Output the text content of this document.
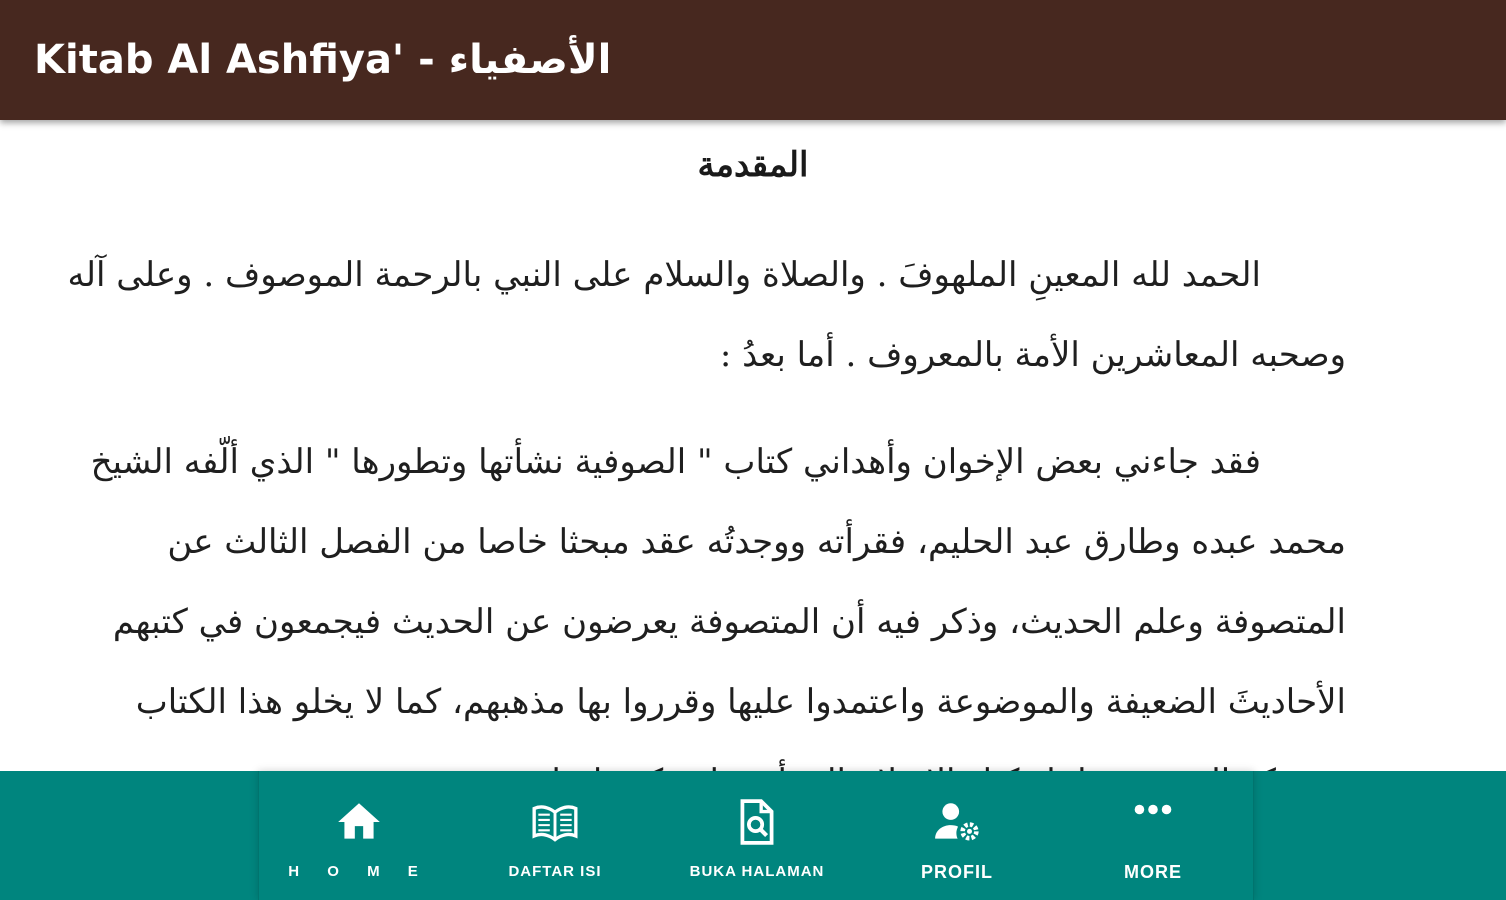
Kitab Al Ashfiya' - الأصفياء
المقدمة
الحمد لله المعينِ الملهوفَ . والصلاة والسلام على النبي بالرحمة الموصوف . وعلى آله
وصحبه المعاشرين الأمة بالمعروف . أما بعدُ :
فقد جاءني بعض الإخوان وأهداني كتاب " الصوفية نشأتها وتطورها " الذي ألّفه الشيخ
محمد عبده وطارق عبد الحليم، فقرأته ووجدتُه عقد مبحثا خاصا من الفصل الثالث عن
المتصوفة وعلم الحديث، وذكر فيه أن المتصوفة يعرضون عن الحديث فيجمعون في كتبهم
الأحاديثَ الضعيفة والموضوعة واعتمدوا عليها وقرروا بها مذهبهم، كما لا يخلو هذا الكتاب
H O M E	DAFTAR ISI	BUKA HALAMAN	PROFIL	MORE
